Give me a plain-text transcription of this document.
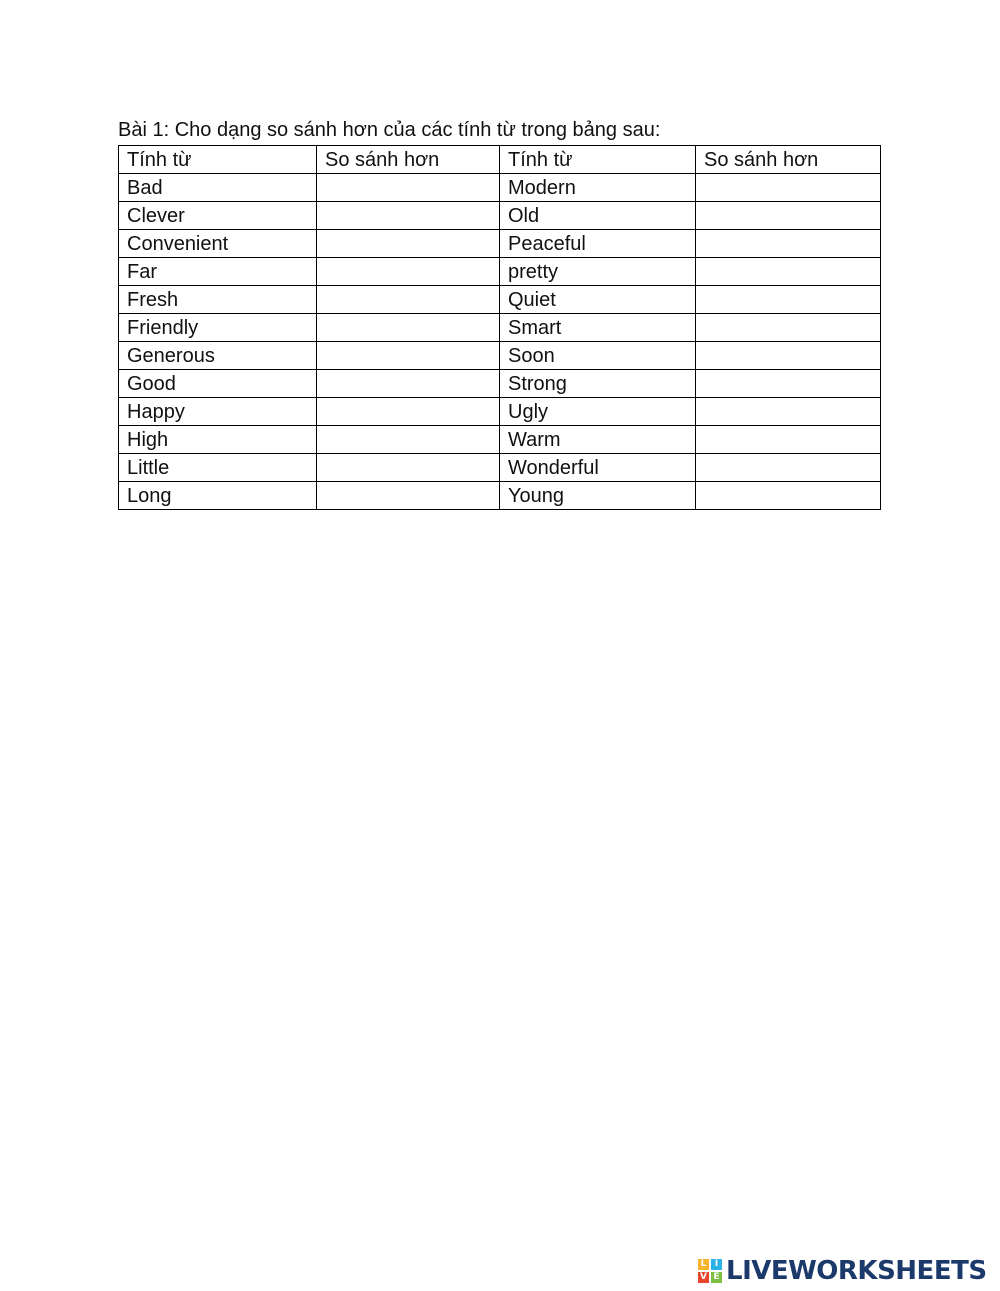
Bài 1: Cho dạng so sánh hơn của các tính từ trong bảng sau:
Tính từ	So sánh hơn	Tính từ	So sánh hơn
Bad		Modern	
Clever		Old	
Convenient		Peaceful	
Far		pretty	
Fresh		Quiet	
Friendly		Smart	
Generous		Soon	
Good		Strong	
Happy		Ugly	
High		Warm	
Little		Wonderful	
Long		Young	
L I
V E LIVEWORKSHEETS
